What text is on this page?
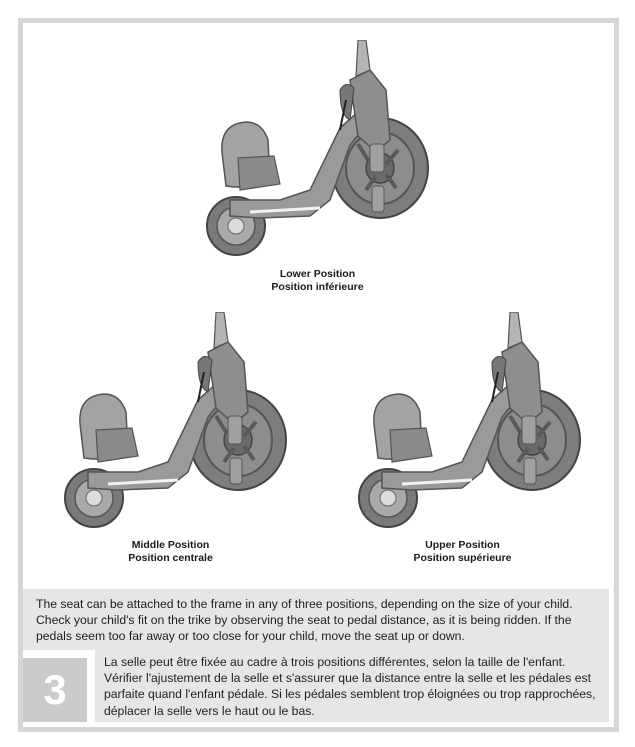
Lower Position
Position inférieure
Middle Position
Position centrale
Upper Position
Position supérieure
3

The seat can be attached to the frame in any of three positions, depending on the size of your child. Check your child's fit on the trike by observing the seat to pedal distance, as it is being ridden. If the pedals seem too far away or too close for your child, move the seat up or down.

La selle peut être fixée au cadre à trois positions différentes, selon la taille de l'enfant. Vérifier l'ajustement de la selle et s'assurer que la distance entre la selle et les pédales est parfaite quand l'enfant pédale. Si les pédales semblent trop éloignées ou trop rapprochées, déplacer la selle vers le haut ou le bas.
